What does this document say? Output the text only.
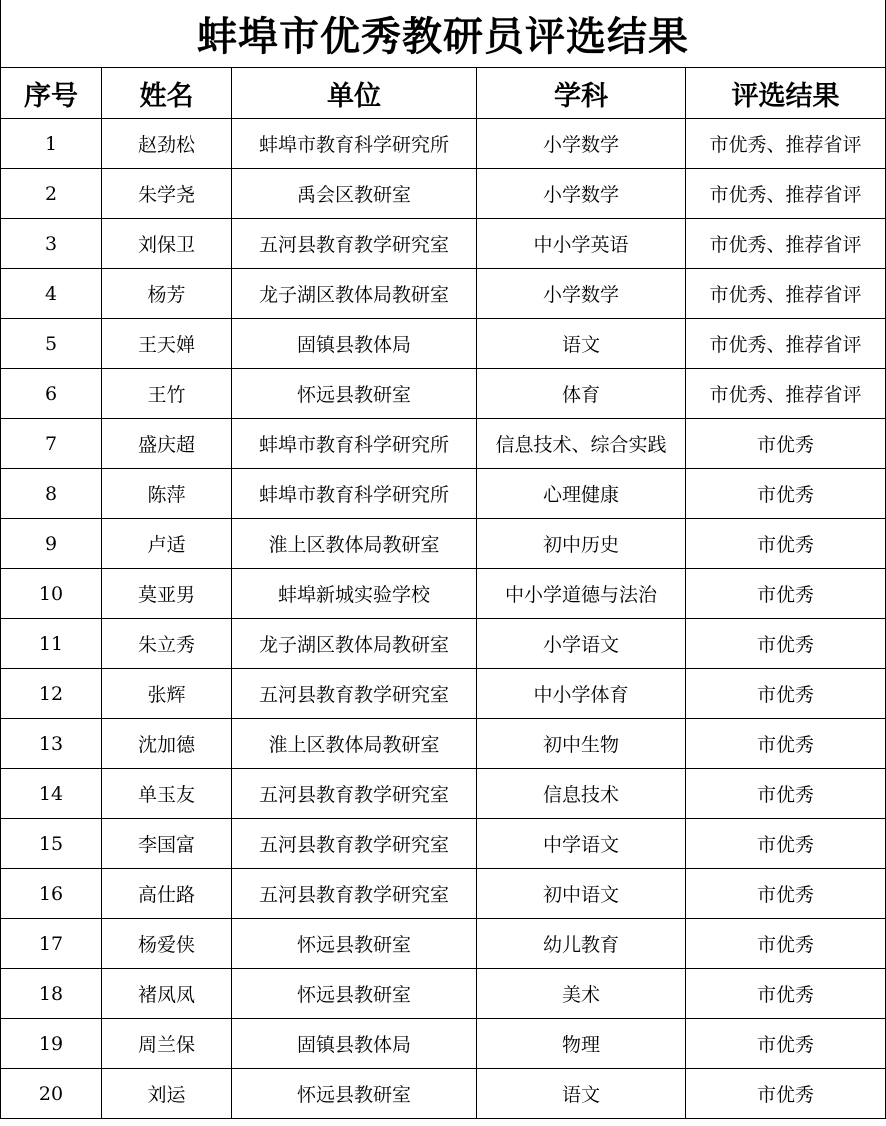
蚌埠市优秀教研员评选结果
序号	姓名	单位	学科	评选结果
1	赵劲松	蚌埠市教育科学研究所	小学数学	市优秀、推荐省评
2	朱学尧	禹会区教研室	小学数学	市优秀、推荐省评
3	刘保卫	五河县教育教学研究室	中小学英语	市优秀、推荐省评
4	杨芳	龙子湖区教体局教研室	小学数学	市优秀、推荐省评
5	王天婵	固镇县教体局	语文	市优秀、推荐省评
6	王竹	怀远县教研室	体育	市优秀、推荐省评
7	盛庆超	蚌埠市教育科学研究所	信息技术、综合实践	市优秀
8	陈萍	蚌埠市教育科学研究所	心理健康	市优秀
9	卢适	淮上区教体局教研室	初中历史	市优秀
10	莫亚男	蚌埠新城实验学校	中小学道德与法治	市优秀
11	朱立秀	龙子湖区教体局教研室	小学语文	市优秀
12	张辉	五河县教育教学研究室	中小学体育	市优秀
13	沈加德	淮上区教体局教研室	初中生物	市优秀
14	单玉友	五河县教育教学研究室	信息技术	市优秀
15	李国富	五河县教育教学研究室	中学语文	市优秀
16	高仕路	五河县教育教学研究室	初中语文	市优秀
17	杨爱侠	怀远县教研室	幼儿教育	市优秀
18	褚凤凤	怀远县教研室	美术	市优秀
19	周兰保	固镇县教体局	物理	市优秀
20	刘运	怀远县教研室	语文	市优秀
